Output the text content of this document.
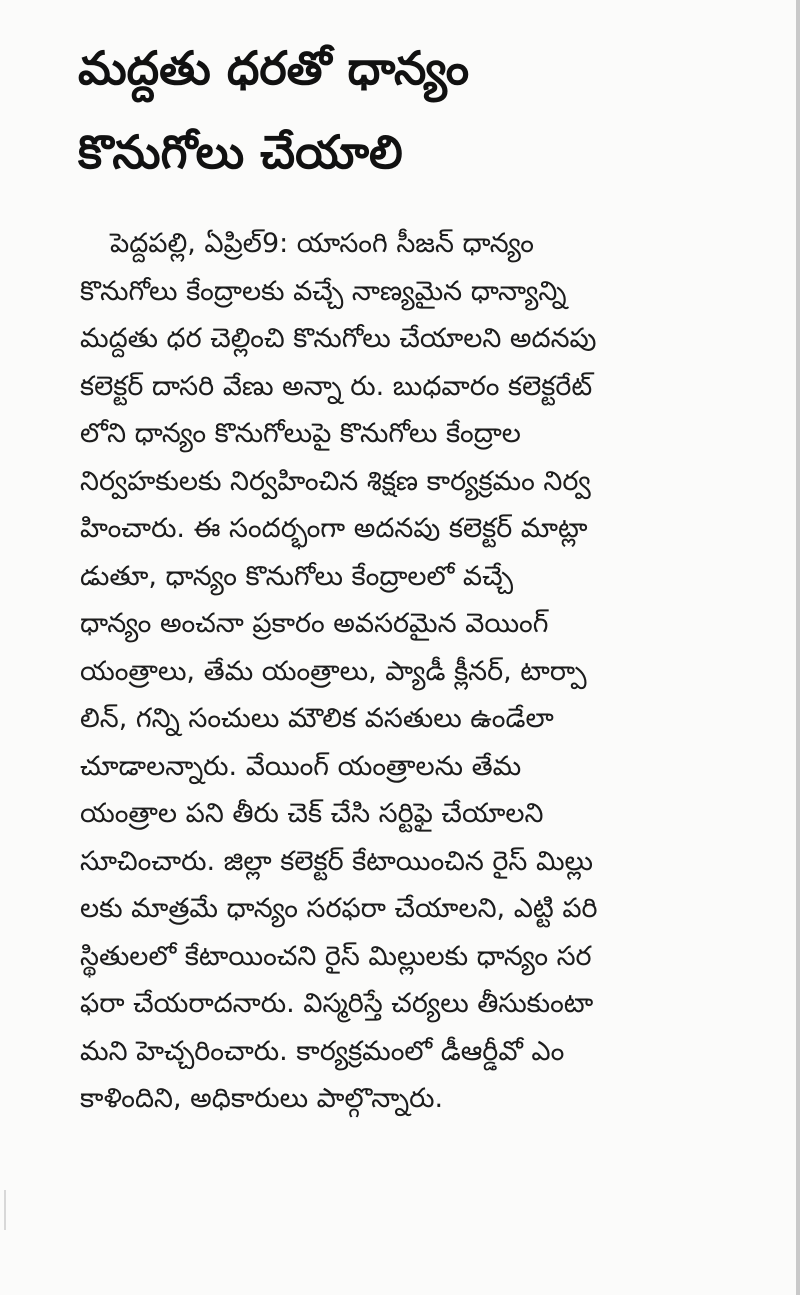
మద్దతు ధరతో ధాన్యం
కొనుగోలు చేయాలి
పెద్దపల్లి, ఏప్రిల్9: యాసంగి సీజన్ ధాన్యం
కొనుగోలు కేంద్రాలకు వచ్చే నాణ్యమైన ధాన్యాన్ని
మద్దతు ధర చెల్లించి కొనుగోలు చేయాలని అదనపు
కలెక్టర్ దాసరి వేణు అన్నా రు. బుధవారం కలెక్టరేట్
లోని ధాన్యం కొనుగోలుపై కొనుగోలు కేంద్రాల
నిర్వహకులకు నిర్వహించిన శిక్షణ కార్యక్రమం నిర్వ
హించారు. ఈ సందర్భంగా అదనపు కలెక్టర్ మాట్లా
డుతూ, ధాన్యం కొనుగోలు కేంద్రాలలో వచ్చే
ధాన్యం అంచనా ప్రకారం అవసరమైన వెయింగ్
యంత్రాలు, తేమ యంత్రాలు, ప్యాడీ క్లీనర్, టార్పా
లిన్, గన్ని సంచులు మౌలిక వసతులు ఉండేలా
చూడాలన్నారు. వేయింగ్ యంత్రాలను తేమ
యంత్రాల పని తీరు చెక్ చేసి సర్టిఫై చేయాలని
సూచించారు. జిల్లా కలెక్టర్ కేటాయించిన రైస్ మిల్లు
లకు మాత్రమే ధాన్యం సరఫరా చేయాలని, ఎట్టి పరి
స్థితులలో కేటాయించని రైస్ మిల్లులకు ధాన్యం సర
ఫరా చేయరాదనారు. విస్మరిస్తే చర్యలు తీసుకుంటా
మని హెచ్చరించారు. కార్యక్రమంలో డీఆర్డీవో ఎం
కాళిందిని, అధికారులు పాల్గొన్నారు.
